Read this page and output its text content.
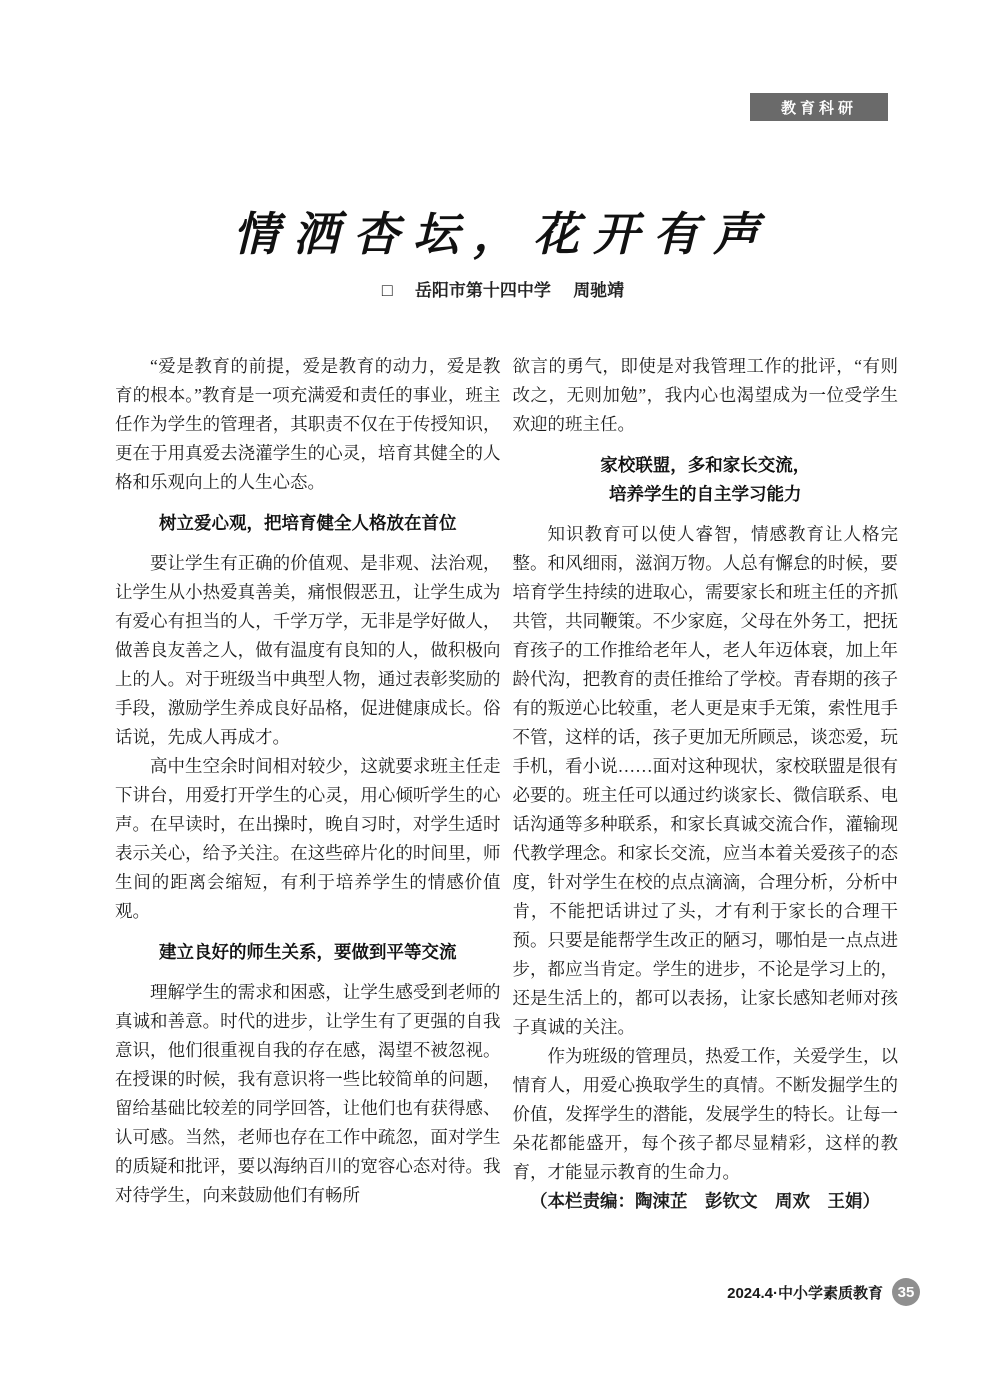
教育科研
情洒杏坛，花开有声
□ 岳阳市第十四中学 周驰靖

“爱是教育的前提，爱是教育的动力，爱是教育的根本。”教育是一项充满爱和责任的事业，班主任作为学生的管理者，其职责不仅在于传授知识，更在于用真爱去浇灌学生的心灵，培育其健全的人格和乐观向上的人生心态。

树立爱心观，把培育健全人格放在首位

要让学生有正确的价值观、是非观、法治观，让学生从小热爱真善美，痛恨假恶丑，让学生成为有爱心有担当的人，千学万学，无非是学好做人，做善良友善之人，做有温度有良知的人，做积极向上的人。对于班级当中典型人物，通过表彰奖励的手段，激励学生养成良好品格，促进健康成长。俗话说，先成人再成才。

高中生空余时间相对较少，这就要求班主任走下讲台，用爱打开学生的心灵，用心倾听学生的心声。在早读时，在出操时，晚自习时，对学生适时表示关心，给予关注。在这些碎片化的时间里，师生间的距离会缩短，有利于培养学生的情感价值观。

建立良好的师生关系，要做到平等交流

理解学生的需求和困惑，让学生感受到老师的真诚和善意。时代的进步，让学生有了更强的自我意识，他们很重视自我的存在感，渴望不被忽视。在授课的时候，我有意识将一些比较简单的问题，留给基础比较差的同学回答，让他们也有获得感、认可感。当然，老师也存在工作中疏忽，面对学生的质疑和批评，要以海纳百川的宽容心态对待。我对待学生，向来鼓励他们有畅所

欲言的勇气，即使是对我管理工作的批评，“有则改之，无则加勉”，我内心也渴望成为一位受学生欢迎的班主任。

家校联盟，多和家长交流，
培养学生的自主学习能力

知识教育可以使人睿智，情感教育让人格完整。和风细雨，滋润万物。人总有懈怠的时候，要培育学生持续的进取心，需要家长和班主任的齐抓共管，共同鞭策。不少家庭，父母在外务工，把抚育孩子的工作推给老年人，老人年迈体衰，加上年龄代沟，把教育的责任推给了学校。青春期的孩子有的叛逆心比较重，老人更是束手无策，索性甩手不管，这样的话，孩子更加无所顾忌，谈恋爱，玩手机，看小说……面对这种现状，家校联盟是很有必要的。班主任可以通过约谈家长、微信联系、电话沟通等多种联系，和家长真诚交流合作，灌输现代教学理念。和家长交流，应当本着关爱孩子的态度，针对学生在校的点点滴滴，合理分析，分析中肯，不能把话讲过了头，才有利于家长的合理干预。只要是能帮学生改正的陋习，哪怕是一点点进步，都应当肯定。学生的进步，不论是学习上的，还是生活上的，都可以表扬，让家长感知老师对孩子真诚的关注。

作为班级的管理员，热爱工作，关爱学生，以情育人，用爱心换取学生的真情。不断发掘学生的价值，发挥学生的潜能，发展学生的特长。让每一朵花都能盛开，每个孩子都尽显精彩，这样的教育，才能显示教育的生命力。

（本栏责编：陶涑芷　彭钦文　周欢　王娟）

2024.4·中小学素质教育 35
